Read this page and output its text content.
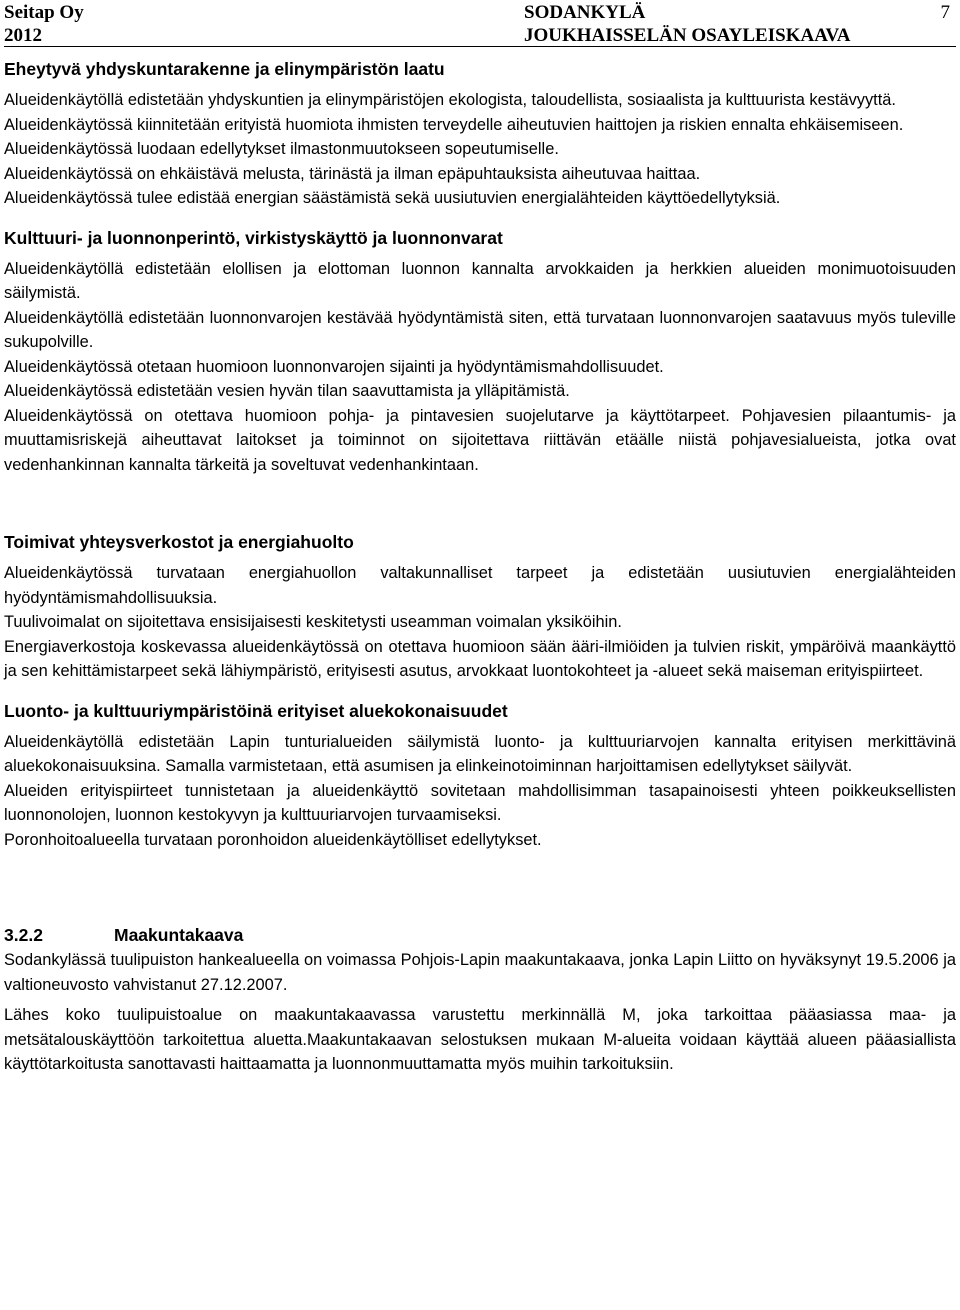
Seitap Oy
2012
SODANKYLÄ
JOUKHAISSELÄN OSAYLEISKAAVA
7
Eheytyvä yhdyskuntarakenne ja elinympäristön laatu

Alueidenkäytöllä edistetään yhdyskuntien ja elinympäristöjen ekologista, taloudellista, sosiaalista ja kulttuurista kestävyyttä.

Alueidenkäytössä kiinnitetään erityistä huomiota ihmisten terveydelle aiheutuvien haittojen ja riskien ennalta ehkäisemiseen.

Alueidenkäytössä luodaan edellytykset ilmastonmuutokseen sopeutumiselle.

Alueidenkäytössä on ehkäistävä melusta, tärinästä ja ilman epäpuhtauksista aiheutuvaa haittaa.

Alueidenkäytössä tulee edistää energian säästämistä sekä uusiutuvien energialähteiden käyttöedellytyksiä.

Kulttuuri- ja luonnonperintö, virkistyskäyttö ja luonnonvarat

Alueidenkäytöllä edistetään elollisen ja elottoman luonnon kannalta arvokkaiden ja herkkien alueiden monimuotoisuuden säilymistä.

Alueidenkäytöllä edistetään luonnonvarojen kestävää hyödyntämistä siten, että turvataan luonnonvarojen saatavuus myös tuleville sukupolville.

Alueidenkäytössä otetaan huomioon luonnonvarojen sijainti ja hyödyntämismahdollisuudet.

Alueidenkäytössä edistetään vesien hyvän tilan saavuttamista ja ylläpitämistä.

Alueidenkäytössä on otettava huomioon pohja- ja pintavesien suojelutarve ja käyttötarpeet. Pohjavesien pilaantumis- ja muuttamisriskejä aiheuttavat laitokset ja toiminnot on sijoitettava riittävän etäälle niistä pohjavesialueista, jotka ovat vedenhankinnan kannalta tärkeitä ja soveltuvat vedenhankintaan.

Toimivat yhteysverkostot ja energiahuolto

Alueidenkäytössä turvataan energiahuollon valtakunnalliset tarpeet ja edistetään uusiutuvien energialähteiden hyödyntämismahdollisuuksia.

Tuulivoimalat on sijoitettava ensisijaisesti keskitetysti useamman voimalan yksiköihin.

Energiaverkostoja koskevassa alueidenkäytössä on otettava huomioon sään ääri-ilmiöiden ja tulvien riskit, ympäröivä maankäyttö ja sen kehittämistarpeet sekä lähiympäristö, erityisesti asutus, arvokkaat luontokohteet ja -alueet sekä maiseman erityispiirteet.

Luonto- ja kulttuuriympäristöinä erityiset aluekokonaisuudet

Alueidenkäytöllä edistetään Lapin tunturialueiden säilymistä luonto- ja kulttuuriarvojen kannalta erityisen merkittävinä aluekokonaisuuksina. Samalla varmistetaan, että asumisen ja elinkeinotoiminnan harjoittamisen edellytykset säilyvät.

Alueiden erityispiirteet tunnistetaan ja alueidenkäyttö sovitetaan mahdollisimman tasapainoisesti yhteen poikkeuksellisten luonnonolojen, luonnon kestokyvyn ja kulttuuriarvojen turvaamiseksi.

Poronhoitoalueella turvataan poronhoidon alueidenkäytölliset edellytykset.

3.2.2	Maakuntakaava

Sodankylässä tuulipuiston hankealueella on voimassa Pohjois-Lapin maakuntakaava, jonka Lapin Liitto on hyväksynyt 19.5.2006 ja valtioneuvosto vahvistanut 27.12.2007.

Lähes koko tuulipuistoalue on maakuntakaavassa varustettu merkinnällä M, joka tarkoittaa pääasiassa maa- ja metsätalouskäyttöön tarkoitettua aluetta.Maakuntakaavan selostuksen mukaan M-alueita voidaan käyttää alueen pääasiallista käyttötarkoitusta sanottavasti haittaamatta ja luonnonmuuttamatta myös muihin tarkoituksiin.
